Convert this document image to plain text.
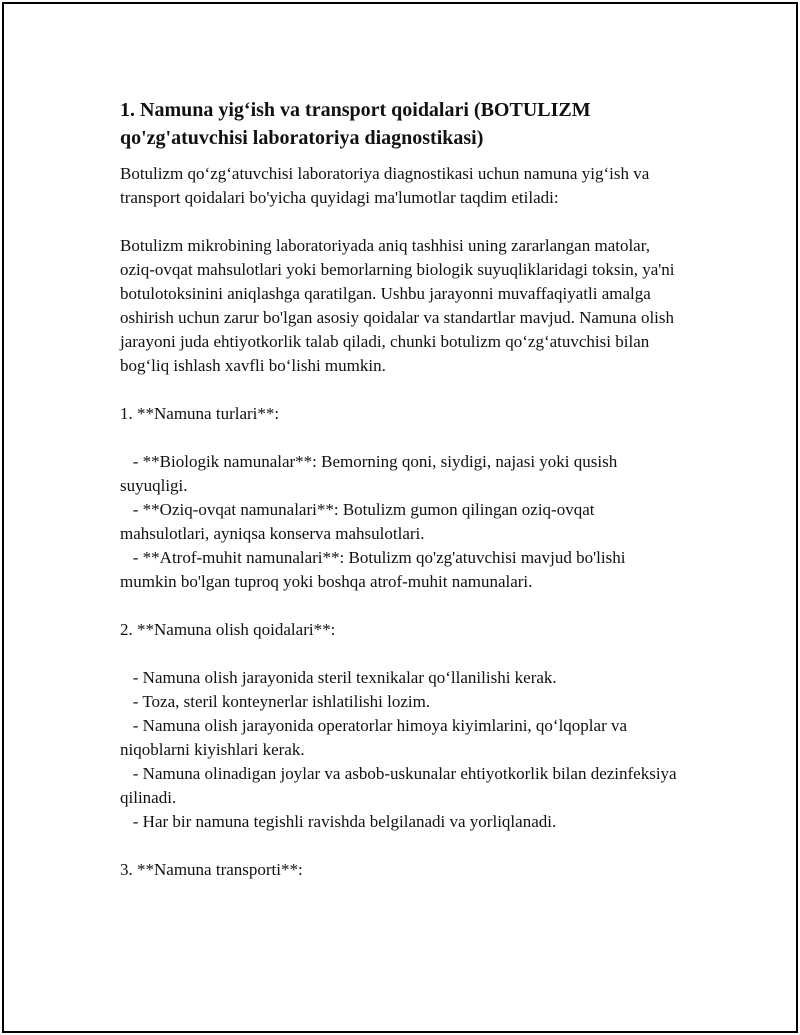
1. Namuna yig‘ish va transport qoidalari (BOTULIZM qo'zg'atuvchisi laboratoriya diagnostikasi)

Botulizm qo‘zg‘atuvchisi laboratoriya diagnostikasi uchun namuna yig‘ish va transport qoidalari bo'yicha quyidagi ma'lumotlar taqdim etiladi:

Botulizm mikrobining laboratoriyada aniq tashhisi uning zararlangan matolar, oziq-ovqat mahsulotlari yoki bemorlarning biologik suyuqliklaridagi toksin, ya'ni botulotoksinini aniqlashga qaratilgan. Ushbu jarayonni muvaffaqiyatli amalga oshirish uchun zarur bo'lgan asosiy qoidalar va standartlar mavjud. Namuna olish jarayoni juda ehtiyotkorlik talab qiladi, chunki botulizm qo‘zg‘atuvchisi bilan bog‘liq ishlash xavfli bo‘lishi mumkin.

1. **Namuna turlari**:

- **Biologik namunalar**: Bemorning qoni, siydigi, najasi yoki qusish suyuqligi.
- **Oziq-ovqat namunalari**: Botulizm gumon qilingan oziq-ovqat mahsulotlari, ayniqsa konserva mahsulotlari.
- **Atrof-muhit namunalari**: Botulizm qo'zg'atuvchisi mavjud bo'lishi mumkin bo'lgan tuproq yoki boshqa atrof-muhit namunalari.

2. **Namuna olish qoidalari**:

- Namuna olish jarayonida steril texnikalar qo‘llanilishi kerak.
- Toza, steril konteynerlar ishlatilishi lozim.
- Namuna olish jarayonida operatorlar himoya kiyimlarini, qo‘lqoplar va niqoblarni kiyishlari kerak.
- Namuna olinadigan joylar va asbob-uskunalar ehtiyotkorlik bilan dezinfeksiya qilinadi.
- Har bir namuna tegishli ravishda belgilanadi va yorliqlanadi.

3. **Namuna transporti**:
